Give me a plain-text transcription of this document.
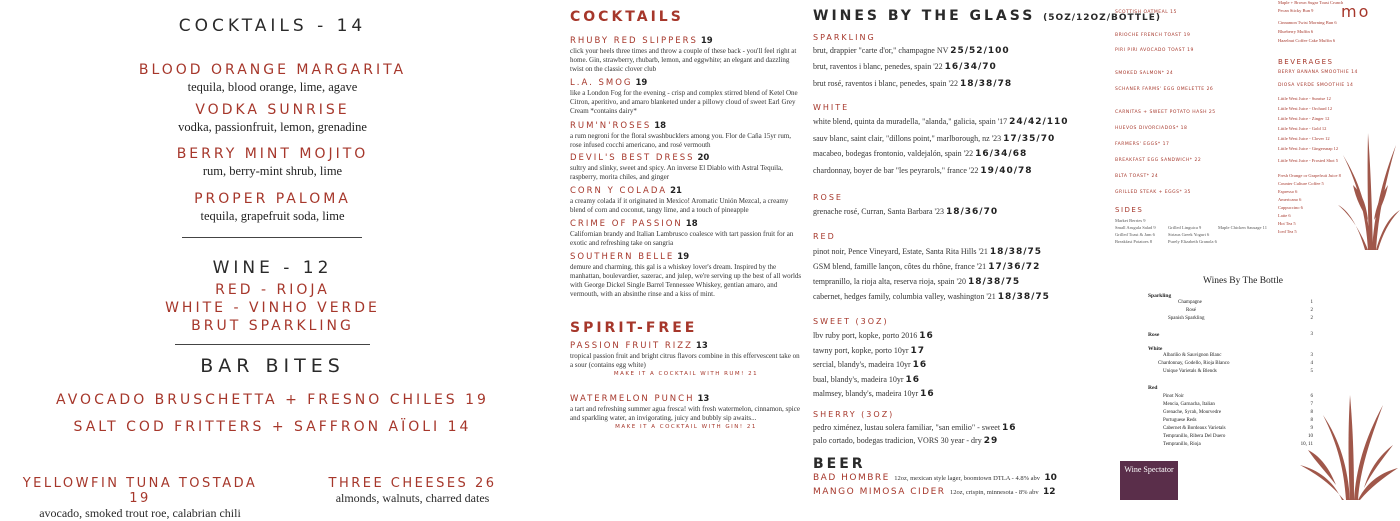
COCKTAILS - 14
BLOOD ORANGE MARGARITA
tequila, blood orange, lime, agave
VODKA SUNRISE
vodka, passionfruit, lemon, grenadine
BERRY MINT MOJITO
rum, berry-mint shrub, lime
PROPER PALOMA
tequila, grapefruit soda, lime
WINE - 12
RED - RIOJA
WHITE - VINHO VERDE
BRUT SPARKLING
BAR BITES
AVOCADO BRUSCHETTA + FRESNO CHILES 19
SALT COD FRITTERS + SAFFRON AÏOLI 14
YELLOWFIN TUNA TOSTADA 19
avocado, smoked trout roe, calabrian chili
THREE CHEESES 26
almonds, walnuts, charred dates
COCKTAILS
RHUBY RED SLIPPERS 19
click your heels three times and throw a couple of these back - you'll feel right at home. Gin, strawberry, rhubarb, lemon, and eggwhite; an elegant and dazzling twist on the classic clover club
L.A. SMOG 19
like a London Fog for the evening - crisp and complex stirred blend of Ketel One Citron, aperitivo, and amaro blanketed under a pillowy cloud of sweet Earl Grey Cream *contains dairy*
RUM'N'ROSES 18
a rum negroni for the floral swashbucklers among you. Flor de Caña 15yr rum, rose infused cocchi americano, and rosé vermouth
DEVIL'S BEST DRESS 20
sultry and slinky, sweet and spicy. An inverse El Diablo with Astral Tequila, raspberry, morita chiles, and ginger
CORN Y COLADA 21
a creamy colada if it originated in Mexico! Aromatic Unión Mezcal, a creamy blend of corn and coconut, tangy lime, and a touch of pineapple
CRIME OF PASSION 18
Californian brandy and Italian Lambrusco coalesce with tart passion fruit for an exotic and refreshing take on sangria
SOUTHERN BELLE 19
demure and charming, this gal is a whiskey lover's dream. Inspired by the manhattan, boulevardier, sazerac, and julep, we're serving up the best of all worlds with George Dickel Single Barrel Tennessee Whiskey, gentian amaro, and vermouth, with an absinthe rinse and a kiss of mint.
SPIRIT-FREE
PASSION FRUIT RIZZ 13
tropical passion fruit and bright citrus flavors combine in this effervescent take on a sour (contains egg white)
MAKE IT A COCKTAIL WITH RUM! 21
WATERMELON PUNCH 13
a tart and refreshing summer agua fresca! with fresh watermelon, cinnamon, spice and sparkling water, an invigorating, juicy and bubbly sip awaits...
MAKE IT A COCKTAIL WITH GIN! 21
WINES BY THE GLASS (5OZ/12OZ/BOTTLE)
SPARKLING
brut, drappier "carte d'or," champagne NV 25/52/100
brut, raventos i blanc, penedes, spain '22 16/34/70
brut rosé, raventos i blanc, penedes, spain '22 18/38/78
WHITE
white blend, quinta da muradella, "alanda," galicia, spain '17 24/42/110
sauv blanc, saint clair, "dillons point," marlborough, nz '23 17/35/70
macabeo, bodegas frontonio, valdejalón, spain '22 16/34/68
chardonnay, boyer de bar "les peyrarols," france '22 19/40/78
ROSE
grenache rosé, Curran, Santa Barbara '23 18/36/70
RED
pinot noir, Pence Vineyard, Estate, Santa Rita Hills '21 18/38/75
GSM blend, famille lançon, côtes du rhône, france '21 17/36/72
tempranillo, la rioja alta, reserva rioja, spain '20 18/38/75
cabernet, hedges family, columbia valley, washington '21 18/38/75
SWEET (3OZ)
lbv ruby port, kopke, porto 2016 16
tawny port, kopke, porto 10yr 17
sercial, blandy's, madeira 10yr 16
bual, blandy's, madeira 10yr 16
malmsey, blandy's, madeira 10yr 16
SHERRY (3OZ)
pedro ximénez, lustau solera familiar, "san emilio" - sweet 16
palo cortado, bodegas tradicion, VORS 30 year - dry 29
BEER
BAD HOMBRE 12oz, mexican style lager, boomtown DTLA - 4.8% abv 10
MANGO MIMOSA CIDER 12oz, crispin, minnesota - 8% abv 12
SCOTTISH OATMEAL 15
BRIOCHE FRENCH TOAST 19
PIRI PIRI AVOCADO TOAST 19
SMOKED SALMON* 24
SCHANER FARMS' EGG OMELETTE 26
CARNITAS + SWEET POTATO HASH 25
HUEVOS DIVORCIADOS* 18
FARMERS' EGGS* 17
BREAKFAST EGG SANDWICH* 22
BLTA TOAST* 24
GRILLED STEAK + EGGS* 35
SIDES
Market Berries 9
Small Arugula Salad 9
Grilled Toast & Jam 6
Breakfast Potatoes 8
Grilled Linguica 9
Striaus Greek Yogurt 6
Purely Elizabeth Granola 6
Maple Chicken Sausage 11
Maple + Brown Sugar Toast Crunch
Pecan Sticky Bun 9
Cinnamon Twist Morning Bun 6
Blueberry Muffin 6
Hazelnut Coffee Cake Muffin 6
mo
BEVERAGES
BERRY BANANA SMOOTHIE 14
DIOSA VERDE SMOOTHIE 14
Little West Juice - Sunrise 12
Little West Juice - Orchard 12
Little West Juice - Zinger 12
Little West Juice - Gold 12
Little West Juice - Clover 12
Little West Juice - Gingersnap 12
Little West Juice - Frosted Shot 5
Fresh Orange or Grapefruit Juice 8
Counter Culture Coffee 5
Espresso 6
Americano 6
Cappuccino 6
Latte 6
Hot Tea 5
Iced Tea 5
Wines By The Bottle
Sparkling
Champagne	1
Rosé	2
Spanish Sparkling	2
Rose	3
White
Albariño & Sauvignon Blanc	3
Chardonnay, Godello, Rioja Blanco	4
Unique Varietals & Blends	5
Red
Pinot Noir	6
Mencia, Garnacha, Italian	7
Grenache, Syrah, Mourvedre	8
Portuguese Reds	8
Cabernet & Bordeaux Varietals	9
Tempranillo, Ribera Del Duero	10
Tempranillo, Rioja	10, 11
Wine Spectator
